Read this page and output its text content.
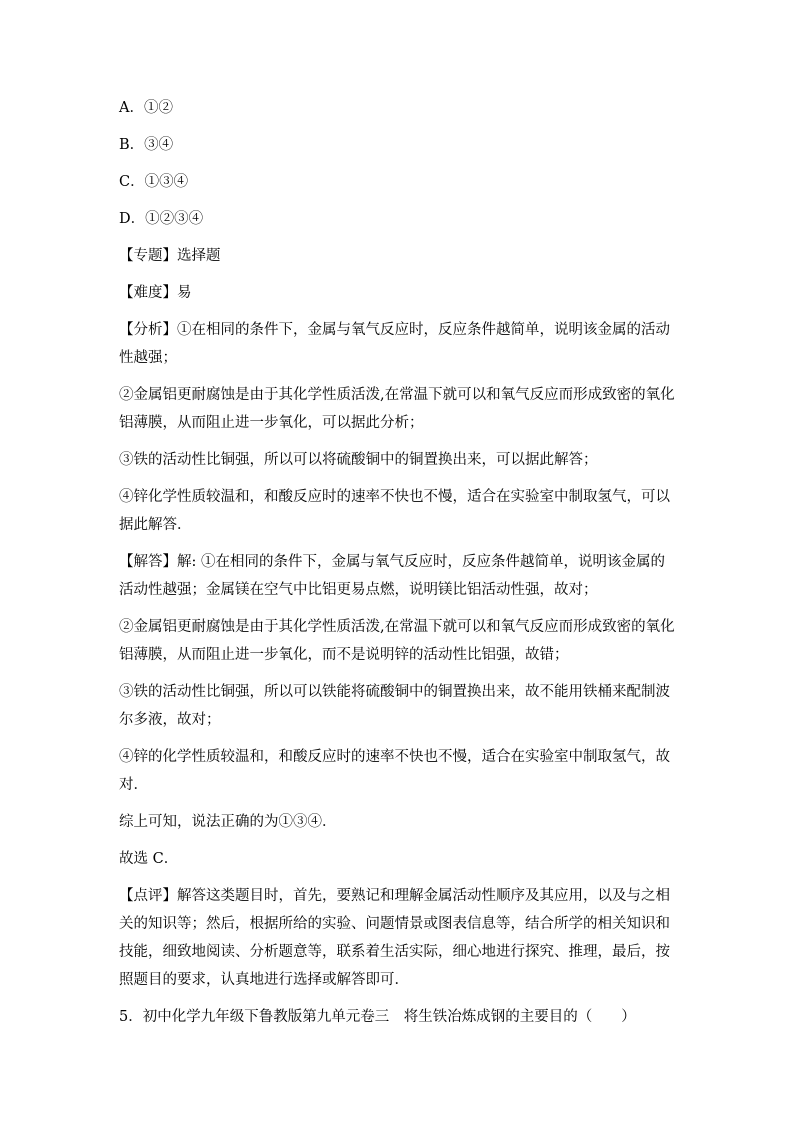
A．①②
B．③④
C．①③④
D．①②③④
【专题】选择题
【难度】易
【分析】①在相同的条件下，金属与氧气反应时，反应条件越简单，说明该金属的活动性越强；
②金属铝更耐腐蚀是由于其化学性质活泼,在常温下就可以和氧气反应而形成致密的氧化铝薄膜，从而阻止进一步氧化，可以据此分析；
③铁的活动性比铜强，所以可以将硫酸铜中的铜置换出来，可以据此解答；
④锌化学性质较温和，和酸反应时的速率不快也不慢，适合在实验室中制取氢气，可以据此解答．
【解答】解: ①在相同的条件下，金属与氧气反应时，反应条件越简单，说明该金属的活动性越强；金属镁在空气中比铝更易点燃，说明镁比铝活动性强，故对；
②金属铝更耐腐蚀是由于其化学性质活泼,在常温下就可以和氧气反应而形成致密的氧化铝薄膜，从而阻止进一步氧化，而不是说明锌的活动性比铝强，故错；
③铁的活动性比铜强，所以可以铁能将硫酸铜中的铜置换出来，故不能用铁桶来配制波尔多液，故对；
④锌的化学性质较温和，和酸反应时的速率不快也不慢，适合在实验室中制取氢气，故对．
综上可知，说法正确的为①③④．
故选 C．
【点评】解答这类题目时，首先，要熟记和理解金属活动性顺序及其应用，以及与之相关的知识等；然后，根据所给的实验、问题情景或图表信息等，结合所学的相关知识和技能，细致地阅读、分析题意等，联系着生活实际，细心地进行探究、推理，最后，按照题目的要求，认真地进行选择或解答即可．
5．初中化学九年级下鲁教版第九单元卷三　将生铁冶炼成钢的主要目的（　　）
